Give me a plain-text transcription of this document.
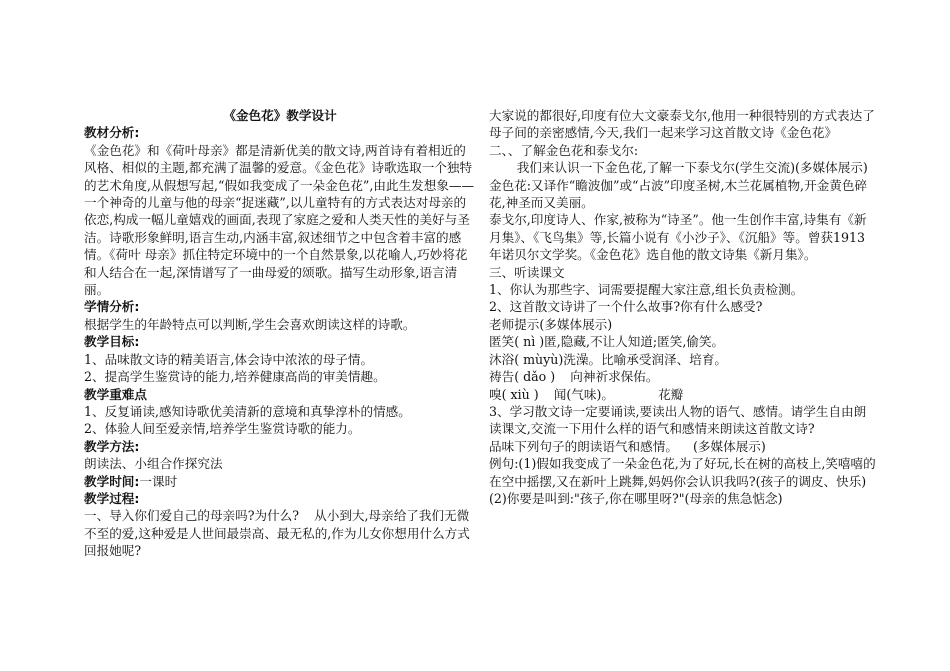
《金色花》教学设计

教材分析:

《金色花》和《荷叶母亲》都是清新优美的散文诗,两首诗有着相近的风格、相似的主题,都充满了温馨的爱意。《金色花》诗歌选取一个独特的艺术角度,从假想写起,“假如我变成了一朵金色花”,由此生发想象——一个神奇的儿童与他的母亲“捉迷藏”,以儿童特有的方式表达对母亲的依恋,构成一幅儿童嬉戏的画面,表现了家庭之爱和人类天性的美好与圣洁。诗歌形象鲜明,语言生动,内涵丰富,叙述细节之中包含着丰富的感情。《荷叶 母亲》抓住特定环境中的一个自然景象,以花喻人,巧妙将花和人结合在一起,深情谱写了一曲母爱的颂歌。描写生动形象,语言清丽。

学情分析:

根据学生的年龄特点可以判断,学生会喜欢朗读这样的诗歌。

教学目标:

1、品味散文诗的精美语言,体会诗中浓浓的母子情。

2、提高学生鉴赏诗的能力,培养健康高尚的审美情趣。

教学重难点

1、反复诵读,感知诗歌优美清新的意境和真挚淳朴的情感。

2、体验人间至爱亲情,培养学生鉴赏诗歌的能力。

教学方法:

朗读法、小组合作探究法

教学时间:一课时

教学过程:

一、导入你们爱自己的母亲吗?为什么? 从小到大,母亲给了我们无微不至的爱,这种爱是人世间最崇高、最无私的,作为儿女你想用什么方式回报她呢?

大家说的都很好,印度有位大文豪泰戈尔,他用一种很特别的方式表达了母子间的亲密感情,今天,我们一起来学习这首散文诗《金色花》

二、、了解金色花和泰戈尔:

我们来认识一下金色花,了解一下泰戈尔(学生交流)(多媒体展示)

金色花:又译作“瞻波伽”或“占波”印度圣树,木兰花属植物,开金黄色碎花,神圣而又美丽。

泰戈尔,印度诗人、作家,被称为“诗圣”。他一生创作丰富,诗集有《新月集》、《飞鸟集》等,长篇小说有《小沙子》、《沉船》等。曾获1913年诺贝尔文学奖。《金色花》选自他的散文诗集《新月集》。

三、听读课文

1、你认为那些字、词需要提醒大家注意,组长负责检测。

2、这首散文诗讲了一个什么故事?你有什么感受?

老师提示(多媒体展示)

匿笑( nì )匿,隐藏,不让人知道;匿笑,偷笑。

沐浴( mùyù)洗澡。比喻承受润泽、培育。

祷告( dǎo ) 向神祈求保佑。

嗅( xiù ) 闻(气味)。	花瓣

3、学习散文诗一定要诵读,要读出人物的语气、感情。请学生自由朗读课文,交流一下用什么样的语气和感情来朗读这首散文诗?

品味下列句子的朗读语气和感情。 (多媒体展示)

例句:(1)假如我变成了一朵金色花,为了好玩,长在树的高枝上,笑嘻嘻的在空中摇摆,又在新叶上跳舞,妈妈你会认识我吗?(孩子的调皮、快乐)

(2)你要是叫到:"孩子,你在哪里呀?"(母亲的焦急惦念)
